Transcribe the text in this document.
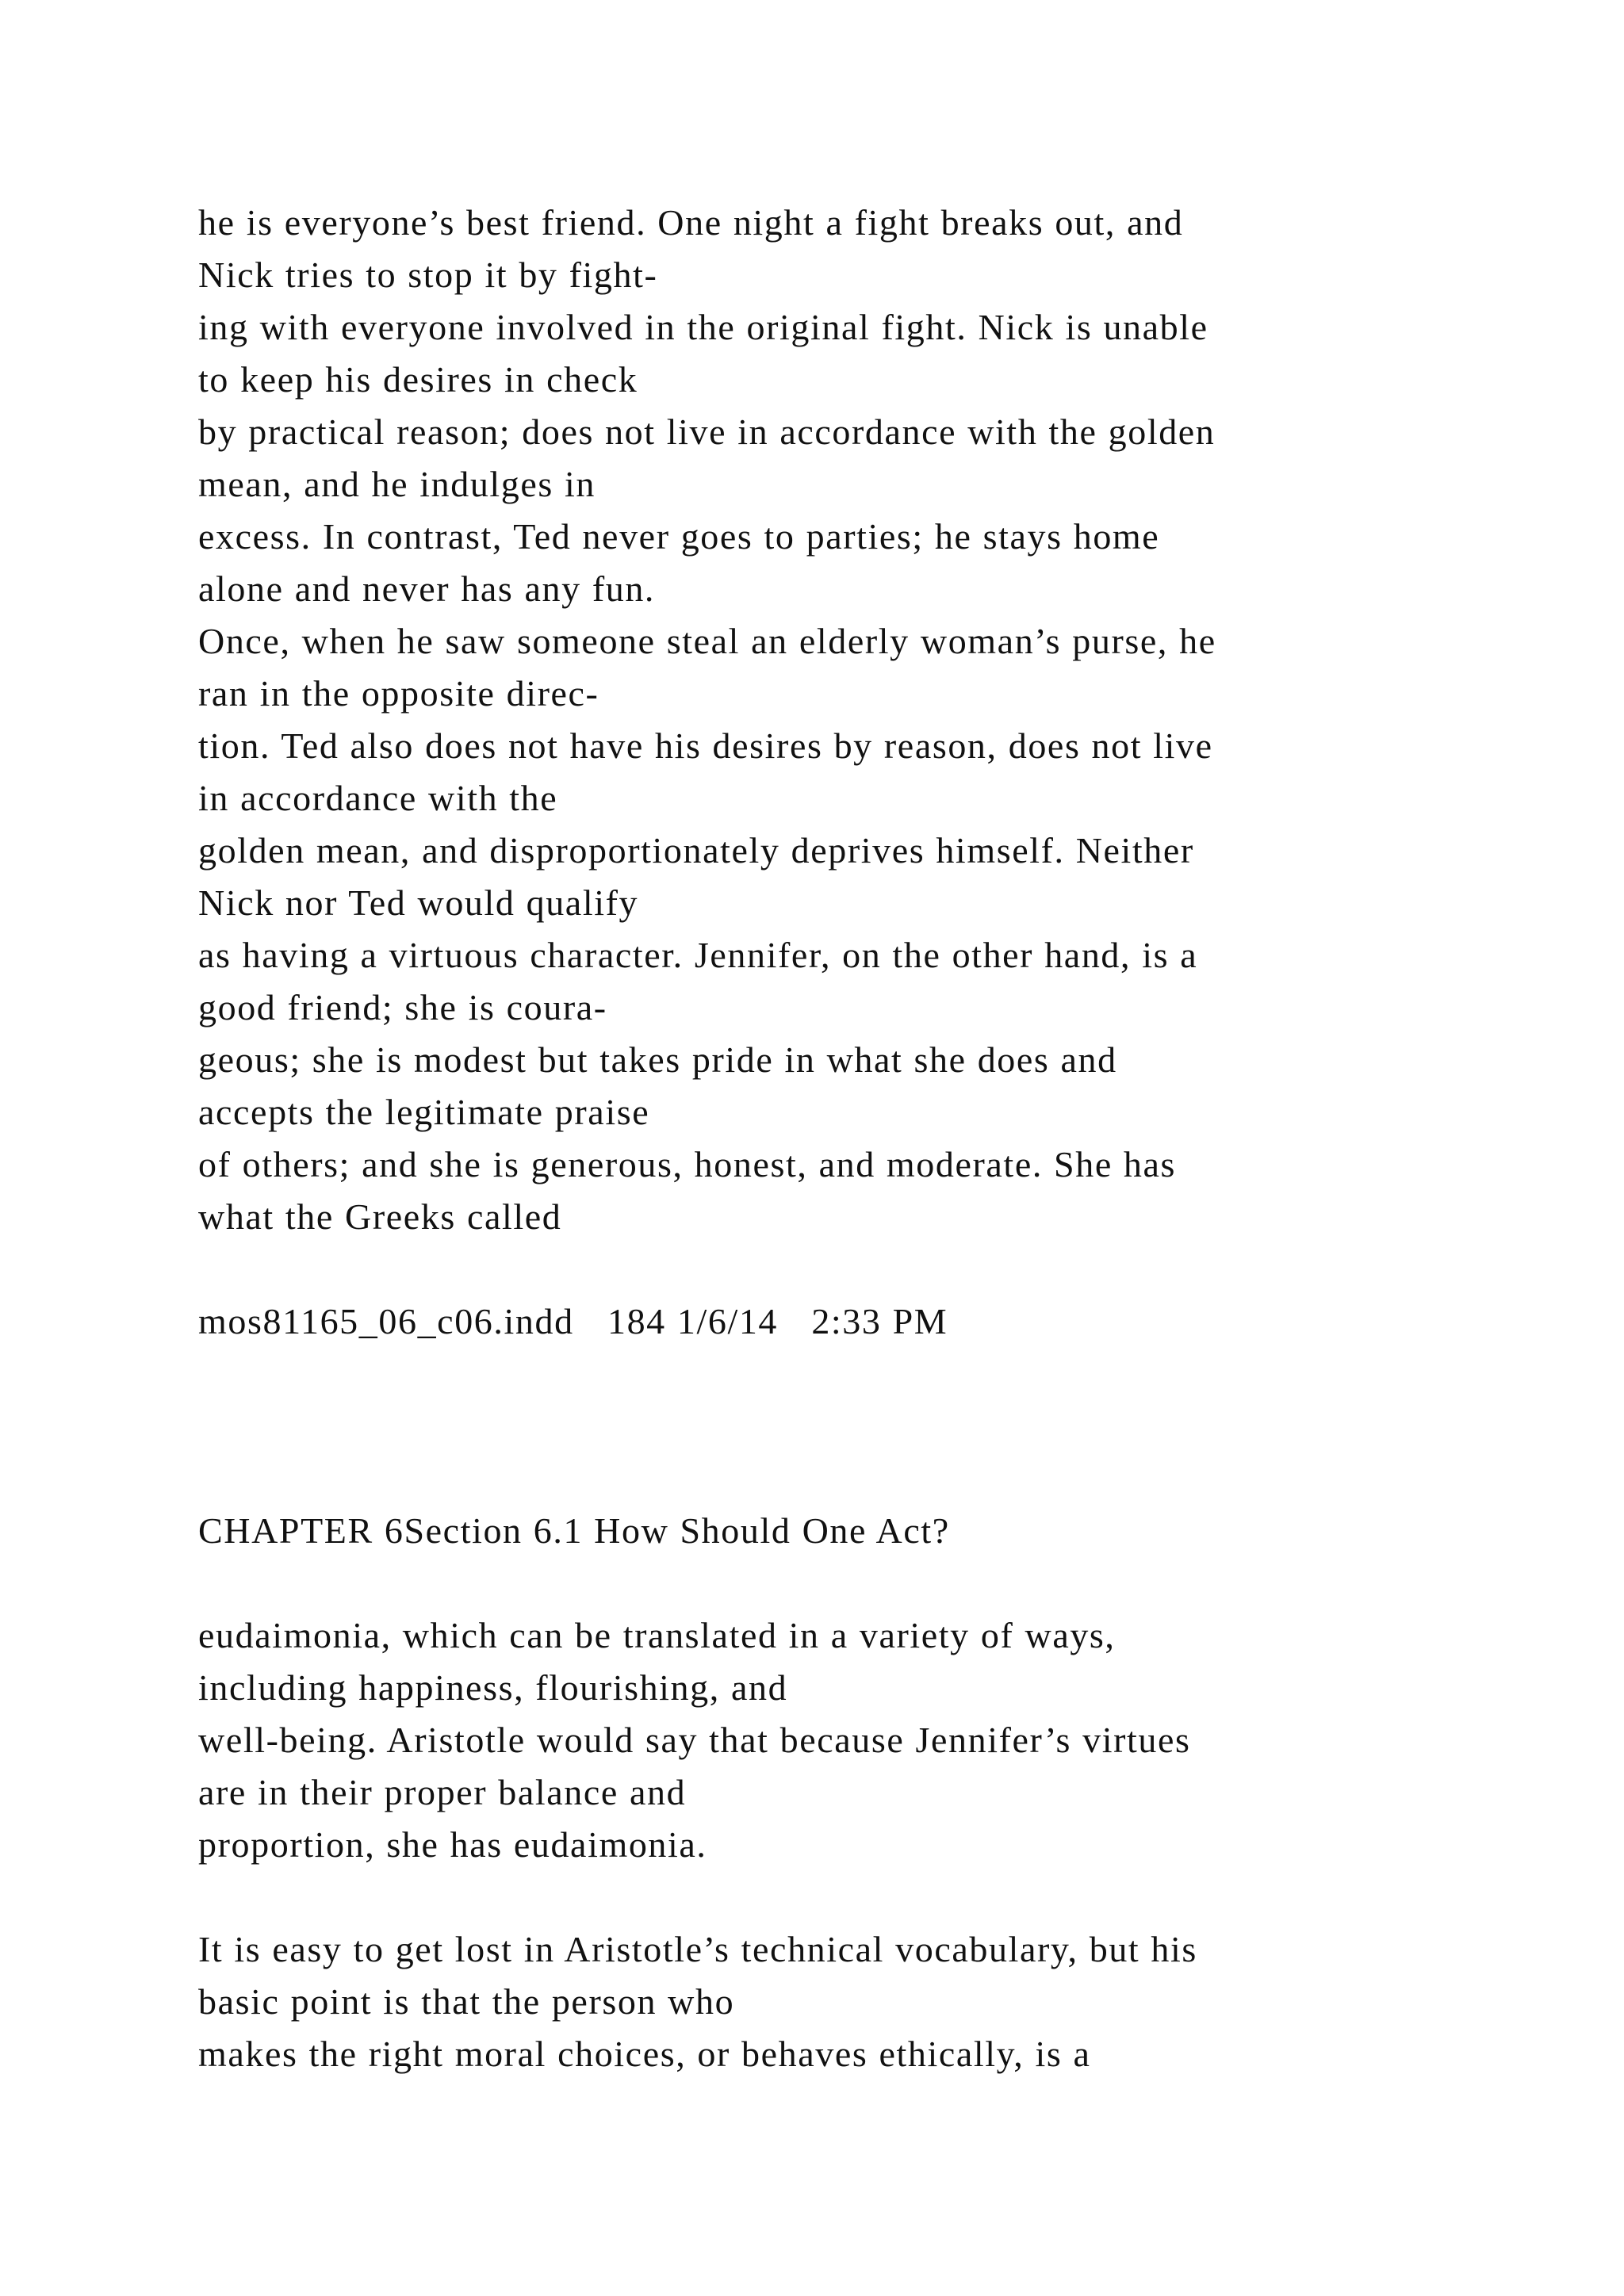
he is everyone’s best friend. One night a fight breaks out, and
Nick tries to stop it by fight-
ing with everyone involved in the original fight. Nick is unable
to keep his desires in check
by practical reason; does not live in accordance with the golden
mean, and he indulges in
excess. In contrast, Ted never goes to parties; he stays home
alone and never has any fun.
Once, when he saw someone steal an elderly woman’s purse, he
ran in the opposite direc-
tion. Ted also does not have his desires by reason, does not live
in accordance with the
golden mean, and disproportionately deprives himself. Neither
Nick nor Ted would qualify
as having a virtuous character. Jennifer, on the other hand, is a
good friend; she is coura-
geous; she is modest but takes pride in what she does and
accepts the legitimate praise
of others; and she is generous, honest, and moderate. She has
what the Greeks called
mos81165_06_c06.indd   184 1/6/14   2:33 PM
CHAPTER 6Section 6.1 How Should One Act?
eudaimonia, which can be translated in a variety of ways,
including happiness, flourishing, and
well-being. Aristotle would say that because Jennifer’s virtues
are in their proper balance and
proportion, she has eudaimonia.
It is easy to get lost in Aristotle’s technical vocabulary, but his
basic point is that the person who
makes the right moral choices, or behaves ethically, is a
